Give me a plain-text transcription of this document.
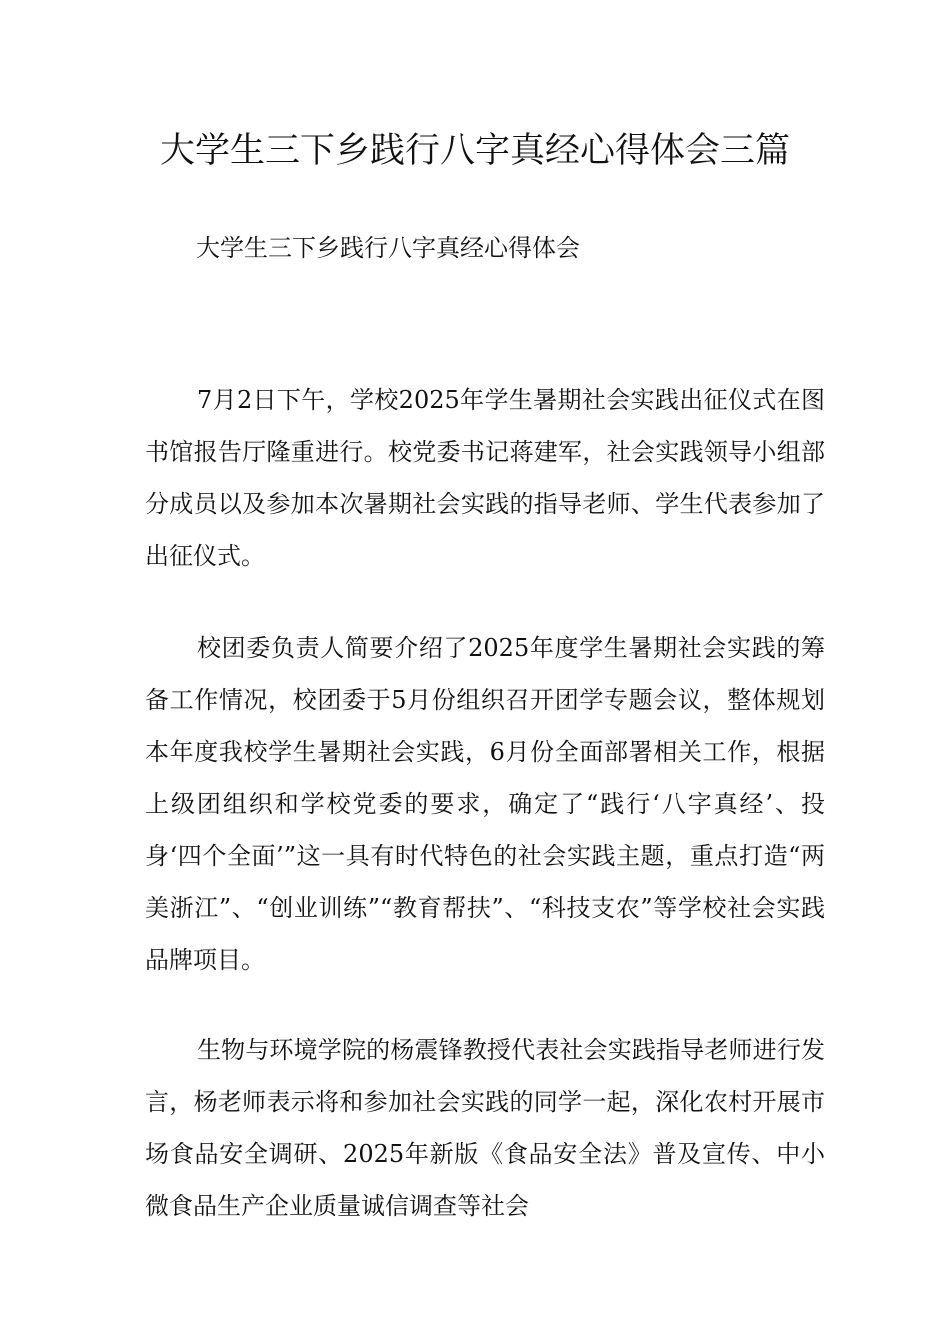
大学生三下乡践行八字真经心得体会三篇

大学生三下乡践行八字真经心得体会

7月2日下午，学校2025年学生暑期社会实践出征仪式在图书馆报告厅隆重进行。校党委书记蒋建军，社会实践领导小组部分成员以及参加本次暑期社会实践的指导老师、学生代表参加了出征仪式。

校团委负责人简要介绍了2025年度学生暑期社会实践的筹备工作情况，校团委于5月份组织召开团学专题会议，整体规划本年度我校学生暑期社会实践，6月份全面部署相关工作，根据上级团组织和学校党委的要求，确定了“践行‘八字真经’、投身‘四个全面’”这一具有时代特色的社会实践主题，重点打造“两美浙江”、“创业训练”“教育帮扶”、“科技支农”等学校社会实践品牌项目。

生物与环境学院的杨震锋教授代表社会实践指导老师进行发言，杨老师表示将和参加社会实践的同学一起，深化农村开展市场食品安全调研、2025年新版《食品安全法》普及宣传、中小微食品生产企业质量诚信调查等社会
